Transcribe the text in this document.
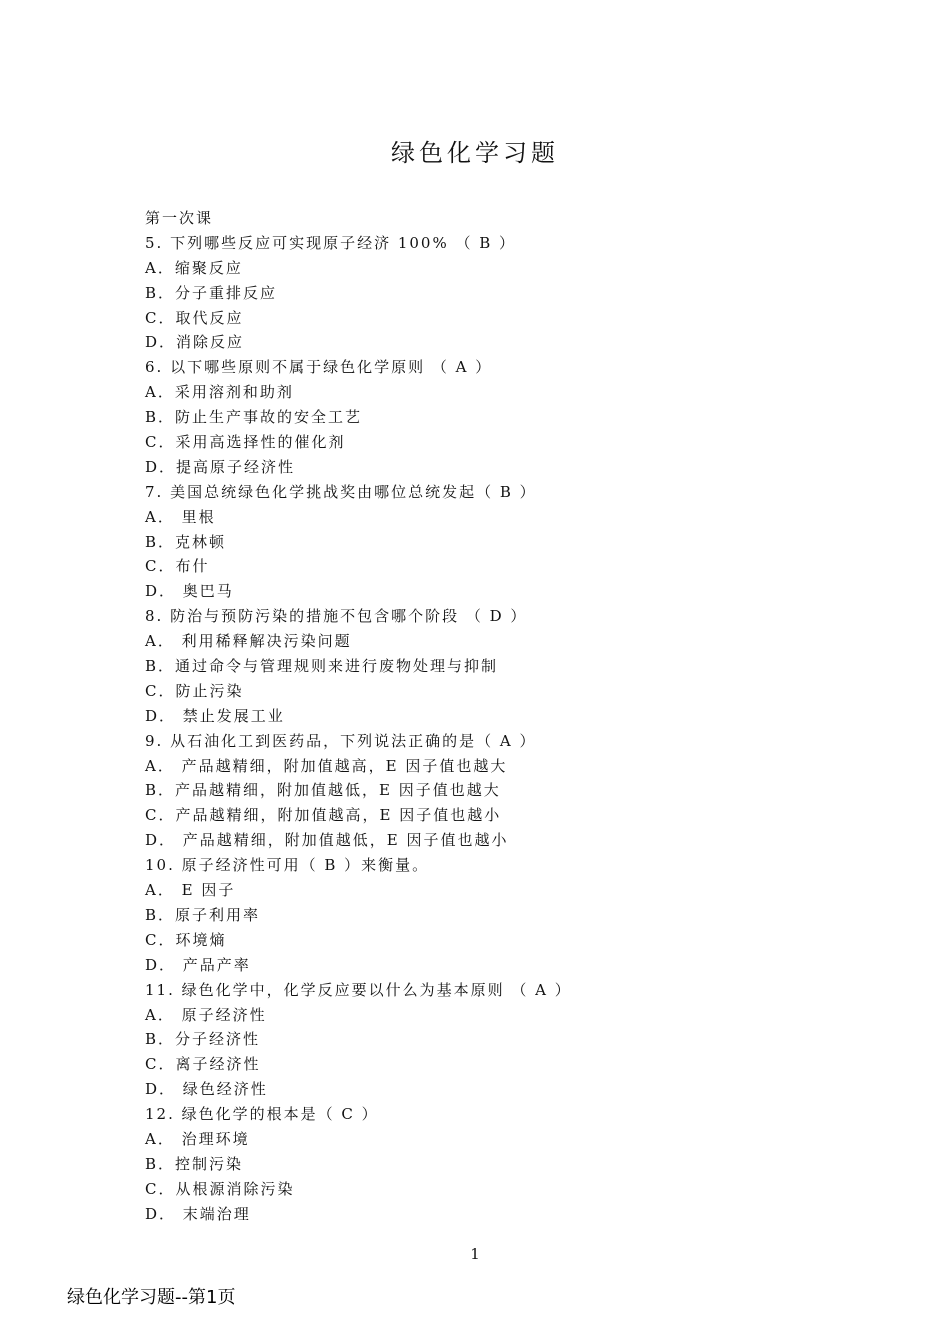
绿色化学习题
第一次课
5. 下列哪些反应可实现原子经济 100% （ B ）
A．缩聚反应
B．分子重排反应
C．取代反应
D．消除反应
6. 以下哪些原则不属于绿色化学原则 （ A ）
A．采用溶剂和助剂
B．防止生产事故的安全工艺
C．采用高选择性的催化剂
D．提高原子经济性
7. 美国总统绿色化学挑战奖由哪位总统发起（ B ）
A． 里根
B．克林顿
C．布什
D． 奥巴马
8. 防治与预防污染的措施不包含哪个阶段 （ D ）
A． 利用稀释解决污染问题
B．通过命令与管理规则来进行废物处理与抑制
C．防止污染
D． 禁止发展工业
9. 从石油化工到医药品，下列说法正确的是（ A ）
A． 产品越精细，附加值越高，E 因子值也越大
B．产品越精细，附加值越低，E 因子值也越大
C．产品越精细，附加值越高，E 因子值也越小
D． 产品越精细，附加值越低，E 因子值也越小
10. 原子经济性可用（ B ）来衡量。
A． E 因子
B．原子利用率
C．环境熵
D． 产品产率
11. 绿色化学中，化学反应要以什么为基本原则 （ A ）
A． 原子经济性
B．分子经济性
C．离子经济性
D． 绿色经济性
12. 绿色化学的根本是（ C ）
A． 治理环境
B．控制污染
C．从根源消除污染
D． 末端治理
1
绿色化学习题--第1页
